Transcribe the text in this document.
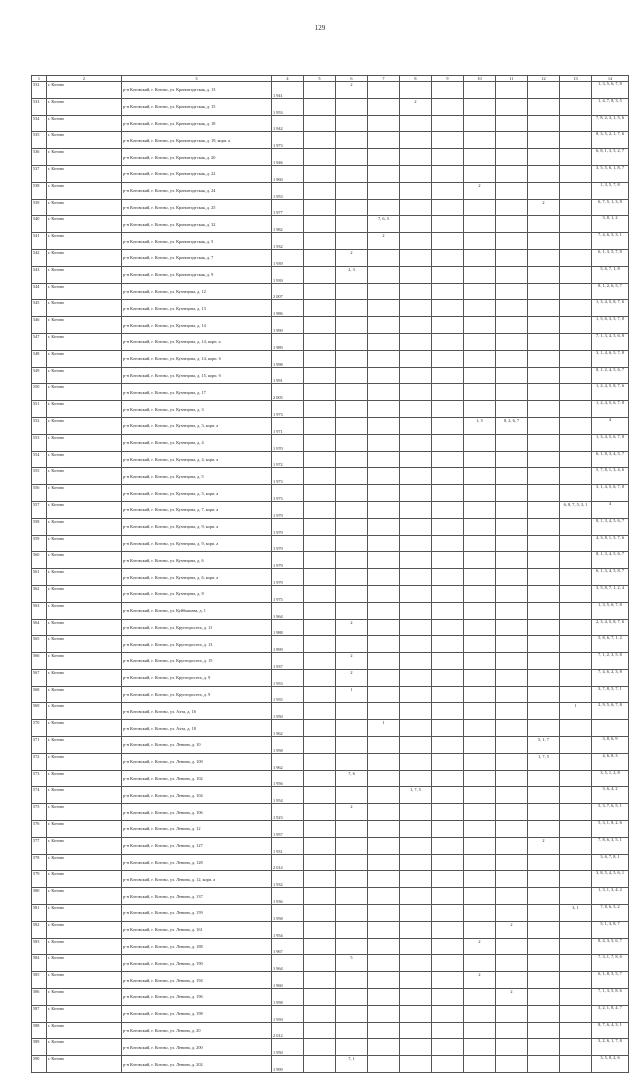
129
1	2	3	4	5	6	7	8	9	10	11	12	13	14
532	г. Котово	р-н Котовский, г. Котово, ул. Кронштадтская, д. 13	1 941		2								1, 3, 5, 6, 7, 8
533	г. Котово	р-н Котовский, г. Котово, ул. Кронштадтская, д. 15	1 953				2						1, 4, 7, 8, 3, 5
534	г. Котово	р-н Котовский, г. Котово, ул. Кронштадтская, д. 18	1 942										7, 8, 2, 3, 1, 5, 6
535	г. Котово	р-н Котовский, г. Котово, ул. Кронштадтская, д. 19, корп. а	1 973										8, 3, 5, 2, 1, 7, 6
536	г. Котово	р-н Котовский, г. Котово, ул. Кронштадтская, д. 20	1 946										6, 8, 1, 3, 5, 2, 7
537	г. Котово	р-н Котовский, г. Котово, ул. Кронштадтская, д. 22	1 960										3, 5, 5, 6, 1, 8, 7
538	г. Котово	р-н Котовский, г. Котово, ул. Кронштадтская, д. 24	1 953						2				1, 3, 5, 7, 8
539	г. Котово	р-н Котовский, г. Котово, ул. Кронштадтская, д. 25	1 977								2		6, 7, 5, 1, 3, 8
540	г. Котово	р-н Котовский, г. Котово, ул. Кронштадтская, д. 32	1 982			7, 6, 5							3, 8, 1, 2
541	г. Котово	р-н Котовский, г. Котово, ул. Кронштадтская, д. 5	1 932			2							7, 4, 6, 5, 3, 1
542	г. Котово	р-н Котовский, г. Котово, ул. Кронштадтская, д. 7	1 939		2								6, 1, 3, 5, 7, 8
543	г. Котово	р-н Котовский, г. Котово, ул. Кронштадтская, д. 9	1 939		2, 3								5, 6, 7, 1, 8
544	г. Котово	р-н Котовский, г. Котово, ул. Кузнецова, д. 12	2 007										8, 1, 2, 6, 5, 7
545	г. Котово	р-н Котовский, г. Котово, ул. Кузнецова, д. 13	1 986										1, 3, 4, 5, 8, 7, 6
546	г. Котово	р-н Котовский, г. Котово, ул. Кузнецова, д. 14	1 990										1, 5, 6, 3, 5, 7, 8
547	г. Котово	р-н Котовский, г. Котово, ул. Кузнецова, д. 14, корп. а	1 989										7, 1, 3, 4, 5, 6, 8
548	г. Котово	р-н Котовский, г. Котово, ул. Кузнецова, д. 14, корп. б	1 998										3, 1, 4, 6, 5, 7, 8
549	г. Котово	р-н Котовский, г. Котово, ул. Кузнецова, д. 15, корп. б	1 991										8, 1, 2, 4, 5, 6, 7
550	г. Котово	р-н Котовский, г. Котово, ул. Кузнецова, д. 17	2 005										1, 2, 4, 5, 8, 7, 6
551	г. Котово	р-н Котовский, г. Котово, ул. Кузнецова, д. 3	1 973										1, 2, 4, 5, 6, 7, 8
552	г. Котово	р-н Котовский, г. Котово, ул. Кузнецова, д. 3, корп. а	1 971						1, 5	8, 2, 6, 7			4
553	г. Котово	р-н Котовский, г. Котово, ул. Кузнецова, д. 4	1 970										1, 3, 4, 5, 6, 7, 8
554	г. Котово	р-н Котовский, г. Котово, ул. Кузнецова, д. 4, корп. а	1 972										6, 1, 8, 3, 4, 5, 7
555	г. Котово	р-н Котовский, г. Котово, ул. Кузнецова, д. 5	1 973										5, 7, 8, 1, 3, 4, 6
556	г. Котово	р-н Котовский, г. Котово, ул. Кузнецова, д. 5, корп. а	1 973										3, 1, 4, 5, 6, 7, 8
557	г. Котово	р-н Котовский, г. Котово, ул. Кузнецова, д. 7, корп. а	1 979									6, 8, 7, 5, 3, 1	4
558	г. Котово	р-н Котовский, г. Котово, ул. Кузнецова, д. 9, корп. а	1 979										8, 1, 3, 4, 5, 6, 7
559	г. Котово	р-н Котовский, г. Котово, ул. Кузнецова, д. 9, корп. а	1 979										4, 3, 8, 1, 5, 7, 6
560	г. Котово	р-н Котовский, г. Котово, ул. Кузнецова, д. 6	1 979										8, 1, 3, 4, 5, 6, 7
561	г. Котово	р-н Котовский, г. Котово, ул. Кузнецова, д. 6, корп. а	1 979										6, 1, 3, 4, 5, 8, 7
562	г. Котово	р-н Котовский, г. Котово, ул. Кузнецова, д. 8	1 975										3, 5, 8, 7, 1, 2, 4
563	г. Котово	р-н Котовский, г. Котово, ул. Куйбышева, д. 1	1 964										1, 3, 5, 6, 7, 8
564	г. Котово	р-н Котовский, г. Котово, ул. Крупторосета, д. 11	1 988		2								2, 3, 4, 5, 8, 7, 6
565	г. Котово	р-н Котовский, г. Котово, ул. Крупторосета, д. 13	1 899										5, 8, 6, 7, 1, 2
566	г. Котово	р-н Котовский, г. Котово, ул. Крупторосета, д. 15	1 937		2								7, 1, 2, 3, 5, 8
567	г. Котово	р-н Котовский, г. Котово, ул. Крупторосета, д. 9	1 953		2								7, 4, 6, 2, 3, 8
568	г. Котово	р-н Котовский, г. Котово, ул. Крупторосета, д. 9	1 955		1								3, 7, 8, 5, 7, 1
569	г. Котово	р-н Котовский, г. Котово, ул. Ахта, д. 16	1 950									1	2, 9, 5, 6, 7, 8
570	г. Котово	р-н Котовский, г. Котово, ул. Ахта, д. 18	1 962			1							
571	г. Котово	р-н Котовский, г. Котово, ул. Ленина, д. 10	1 958								5, 1, 7		3, 8, 6, 9
572	г. Котово	р-н Котовский, г. Котово, ул. Ленина, д. 100	1 962								1, 7, 5		4, 6, 8, 3
573	г. Котово	р-н Котовский, г. Котово, ул. Ленина, д. 102	1 956		7, 6								3, 5, 1, 2, 8
574	г. Котово	р-н Котовский, г. Котово, ул. Ленина, д. 104	1 954				1, 7, 5						3, 6, 4, 2
575	г. Котово	р-н Котовский, г. Котово, ул. Ленина, д. 106	1 923		2								5, 3, 7, 6, 5, 1
576	г. Котово	р-н Котовский, г. Котово, ул. Ленина, д. 12	1 957										5, 3, 1, 8, 2, 6
577	г. Котово	р-н Котовский, г. Котово, ул. Ленина, д. 127	1 931								2		7, 8, 6, 3, 5, 1
578	г. Котово	р-н Котовский, г. Котово, ул. Ленина, д. 128	2 014										3, 6, 7, 8, 1
579	г. Котово	р-н Котовский, г. Котово, ул. Ленина, д. 12, корп. а	1 932										3, 8, 5, 4, 5, 6, 1
580	г. Котово	р-н Котовский, г. Котово, ул. Ленина, д. 137	1 936										1, 3, 1, 3, 4, 2
581	г. Котово	р-н Котовский, г. Котово, ул. Ленина, д. 159	1 958									3, 1	7, 8, 6, 5, 2
582	г. Котово	р-н Котовский, г. Котово, ул. Ленина, д. 161	1 954							2			5, 1, 3, 8, 7
583	г. Котово	р-н Котовский, г. Котово, ул. Ленина, д. 188	1 967						2				8, 4, 3, 5, 6, 7
584	г. Котово	р-н Котовский, г. Котово, ул. Ленина, д. 190	1 964		5								7, 3, 1, 7, 8, 6
585	г. Котово	р-н Котовский, г. Котово, ул. Ленина, д. 194	1 960						2				6, 1, 8, 5, 5, 7
586	г. Котово	р-н Котовский, г. Котово, ул. Ленина, д. 196	1 958							2			7, 1, 3, 5, 8, 6
587	г. Котово	р-н Котовский, г. Котово, ул. Ленина, д. 198	1 959										3, 2, 1, 8, 4, 7
588	г. Котово	р-н Котовский, г. Котово, ул. Ленина, д. 20	2 012										8, 7, 6, 4, 3, 1
589	г. Котово	р-н Котовский, г. Котово, ул. Ленина, д. 200	1 950										3, 2, 6, 1, 7, 8
590	г. Котово	р-н Котовский, г. Котово, ул. Ленина, д. 202	1 999		7, 1								3, 5, 8, 2, 6
